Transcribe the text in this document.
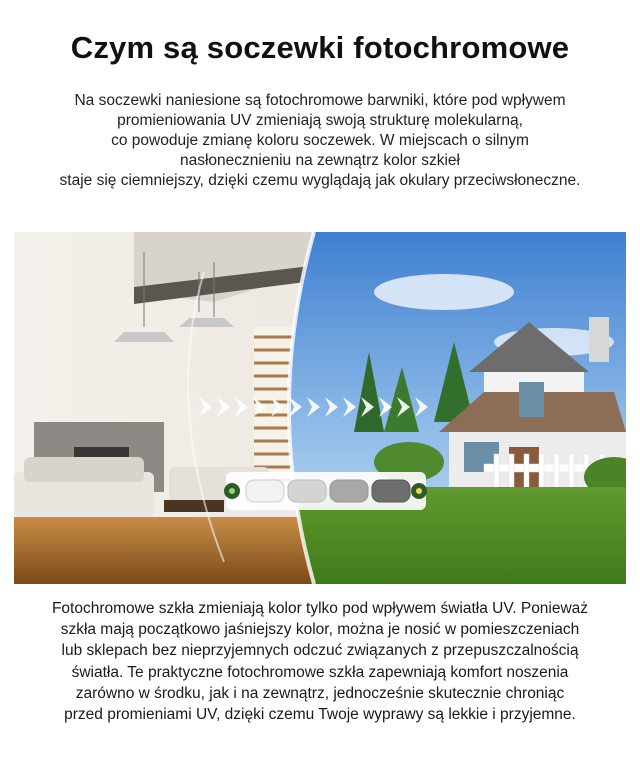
Czym są soczewki fotochromowe
Na soczewki naniesione są fotochromowe barwniki, które pod wpływem
promieniowania UV zmieniają swoją strukturę molekularną,
co powoduje zmianę koloru soczewek. W miejscach o silnym
nasłonecznieniu na zewnątrz kolor szkieł
staje się ciemniejszy, dzięki czemu wyglądają jak okulary przeciwsłoneczne.
Fotochromowe szkła zmieniają kolor tylko pod wpływem światła UV. Ponieważ
szkła mają początkowo jaśniejszy kolor, można je nosić w pomieszczeniach
lub sklepach bez nieprzyjemnych odczuć związanych z przepuszczalnością
światła. Te praktyczne fotochromowe szkła zapewniają komfort noszenia
zarówno w środku, jak i na zewnątrz, jednocześnie skutecznie chroniąc
przed promieniami UV, dzięki czemu Twoje wyprawy są lekkie i przyjemne.
